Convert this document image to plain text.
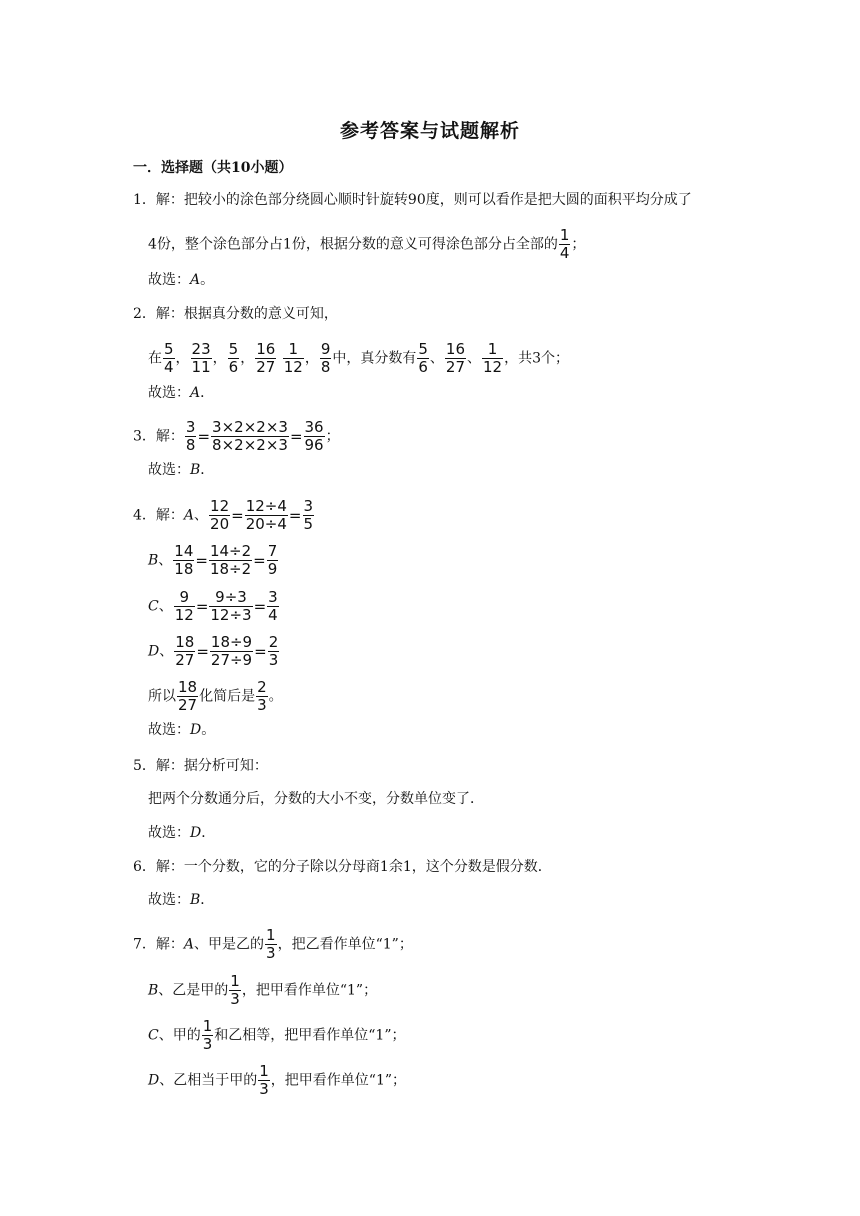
参考答案与试题解析
一．选择题（共10小题）
1．解：把较小的涂色部分绕圆心顺时针旋转90度，则可以看作是把大圆的面积平均分成了
4份，整个涂色部分占1份，根据分数的意义可得涂色部分占全部的 $\frac{1}{4}$ ；
故选：A。
2．解：根据真分数的意义可知，
在 $\frac{5}{4}$ ， $\frac{23}{11}$ ， $\frac{5}{6}$ ， $\frac{16}{27}$
$\frac{1}{12}$ ， $\frac{9}{8}$ 中，真分数有 $\frac{5}{6}$ 、 $\frac{16}{27}$ 、 $\frac{1}{12}$ ，共3个；
故选：A．
3．解： $\frac{3}{8} = \frac{3\times 2\times 2\times 3}{8\times 2\times 2\times 3} = \frac{36}{96}$ ；
故选：B．
4．解：A、 $\frac{12}{20} = \frac{12\div 4}{20\div 4} = \frac{3}{5}$
B、 $\frac{14}{18} = \frac{14\div 2}{18\div 2} = \frac{7}{9}$
C、 $\frac{9}{12} = \frac{9\div 3}{12\div 3} = \frac{3}{4}$
D、 $\frac{18}{27} = \frac{18\div 9}{27\div 9} = \frac{2}{3}$
所以 $\frac{18}{27}$ 化简后是 $\frac{2}{3}$ 。
故选：D。
5．解：据分析可知：
把两个分数通分后，分数的大小不变，分数单位变了．
故选：D．
6．解：一个分数，它的分子除以分母商1余1，这个分数是假分数．
故选：B．
7．解：A、甲是乙的 $\frac{1}{3}$ ，把乙看作单位“1”；
B、乙是甲的 $\frac{1}{3}$ ，把甲看作单位“1”；
C、甲的 $\frac{1}{3}$ 和乙相等，把甲看作单位“1”；
D、乙相当于甲的 $\frac{1}{3}$ ，把甲看作单位“1”；
